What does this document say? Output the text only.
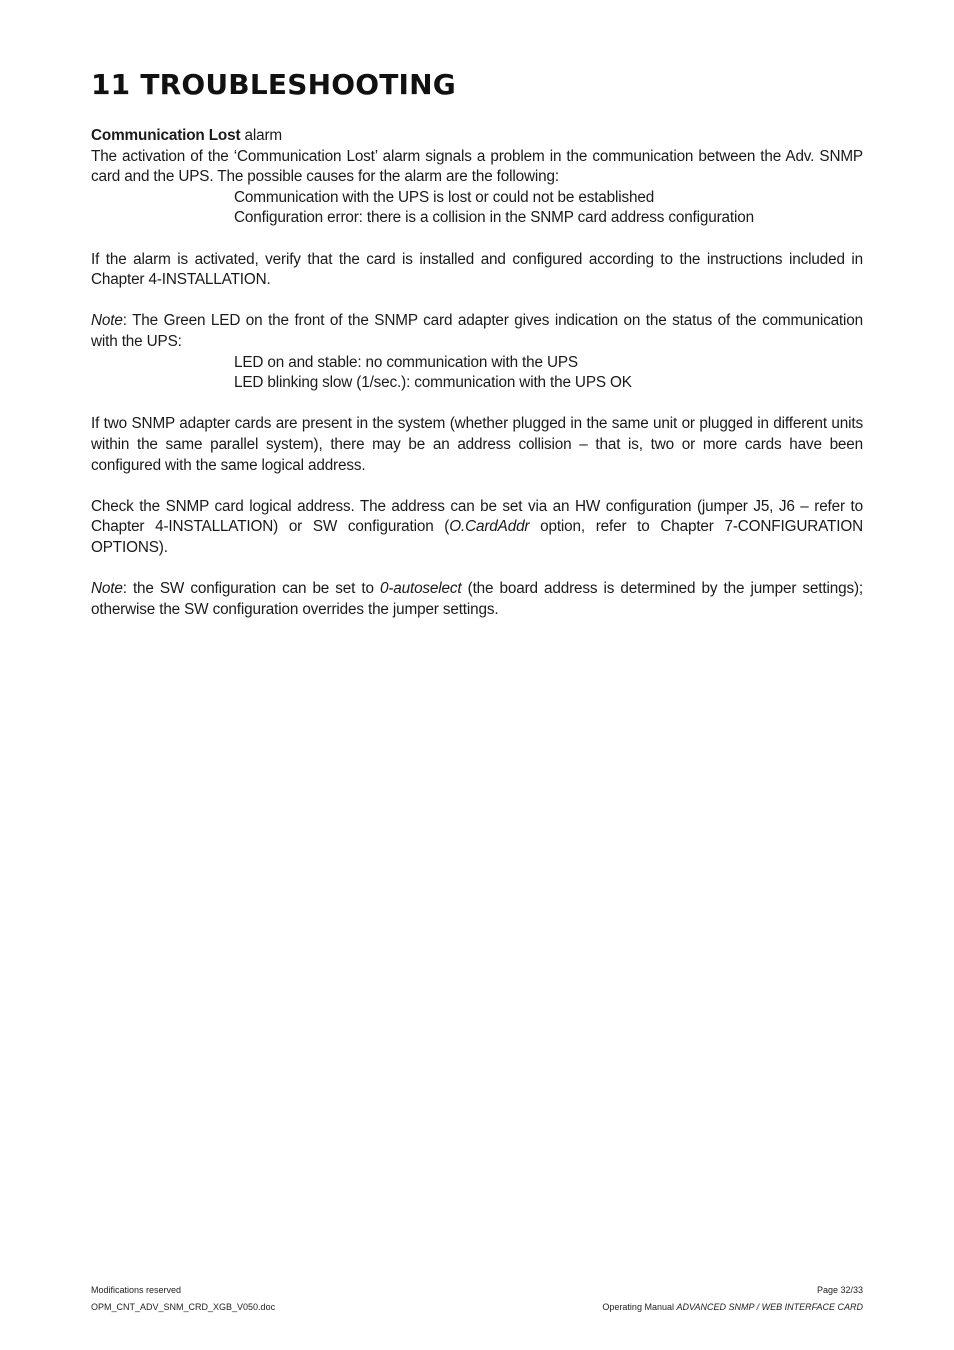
11 TROUBLESHOOTING

Communication Lost alarm

The activation of the ‘Communication Lost’ alarm signals a problem in the communication between the Adv. SNMP card and the UPS. The possible causes for the alarm are the following:

Communication with the UPS is lost or could not be established

Configuration error: there is a collision in the SNMP card address configuration

If the alarm is activated, verify that the card is installed and configured according to the instructions included in Chapter 4-INSTALLATION.

Note: The Green LED on the front of the SNMP card adapter gives indication on the status of the communication with the UPS:

LED on and stable: no communication with the UPS

LED blinking slow (1/sec.): communication with the UPS OK

If two SNMP adapter cards are present in the system (whether plugged in the same unit or plugged in different units within the same parallel system), there may be an address collision – that is, two or more cards have been configured with the same logical address.

Check the SNMP card logical address. The address can be set via an HW configuration (jumper J5, J6 – refer to Chapter 4-INSTALLATION) or SW configuration (O.CardAddr option, refer to Chapter 7-CONFIGURATION OPTIONS).

Note: the SW configuration can be set to 0-autoselect (the board address is determined by the jumper settings); otherwise the SW configuration overrides the jumper settings.

Modifications reserved	Page 32/33
OPM_CNT_ADV_SNM_CRD_XGB_V050.doc	Operating Manual ADVANCED SNMP / WEB INTERFACE CARD
